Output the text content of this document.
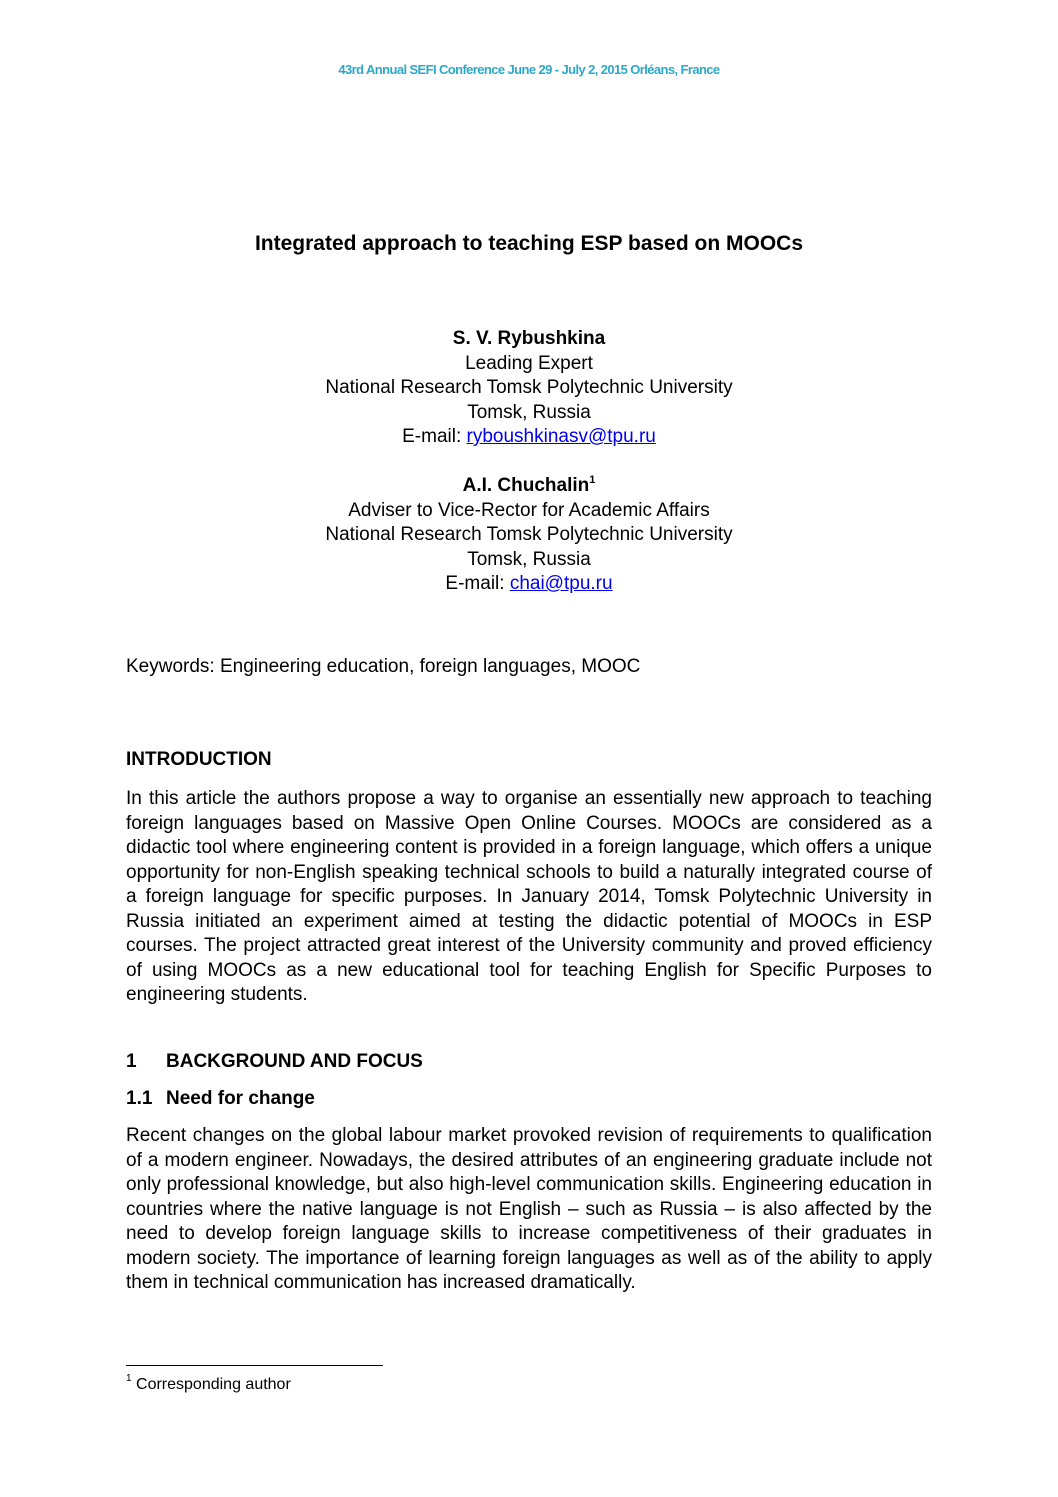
43rd Annual SEFI Conference June 29 - July 2, 2015 Orléans, France
Integrated approach to teaching ESP based on MOOCs
S. V. Rybushkina
Leading Expert
National Research Tomsk Polytechnic University
Tomsk, Russia
E-mail: ryboushkinasv@tpu.ru
A.I. Chuchalin$^1$
Adviser to Vice-Rector for Academic Affairs
National Research Tomsk Polytechnic University
Tomsk, Russia
E-mail: chai@tpu.ru
Keywords: Engineering education, foreign languages, MOOC
INTRODUCTION
In this article the authors propose a way to organise an essentially new approach to teaching foreign languages based on Massive Open Online Courses. MOOCs are considered as a didactic tool where engineering content is provided in a foreign language, which offers a unique opportunity for non-English speaking technical schools to build a naturally integrated course of a foreign language for specific purposes. In January 2014, Tomsk Polytechnic University in Russia initiated an experiment aimed at testing the didactic potential of MOOCs in ESP courses. The project attracted great interest of the University community and proved efficiency of using MOOCs as a new educational tool for teaching English for Specific Purposes to engineering students.
1 BACKGROUND AND FOCUS
1.1 Need for change
Recent changes on the global labour market provoked revision of requirements to qualification of a modern engineer. Nowadays, the desired attributes of an engineering graduate include not only professional knowledge, but also high-level communication skills. Engineering education in countries where the native language is not English – such as Russia – is also affected by the need to develop foreign language skills to increase competitiveness of their graduates in modern society. The importance of learning foreign languages as well as of the ability to apply them in technical communication has increased dramatically.
$^1$ Corresponding author
